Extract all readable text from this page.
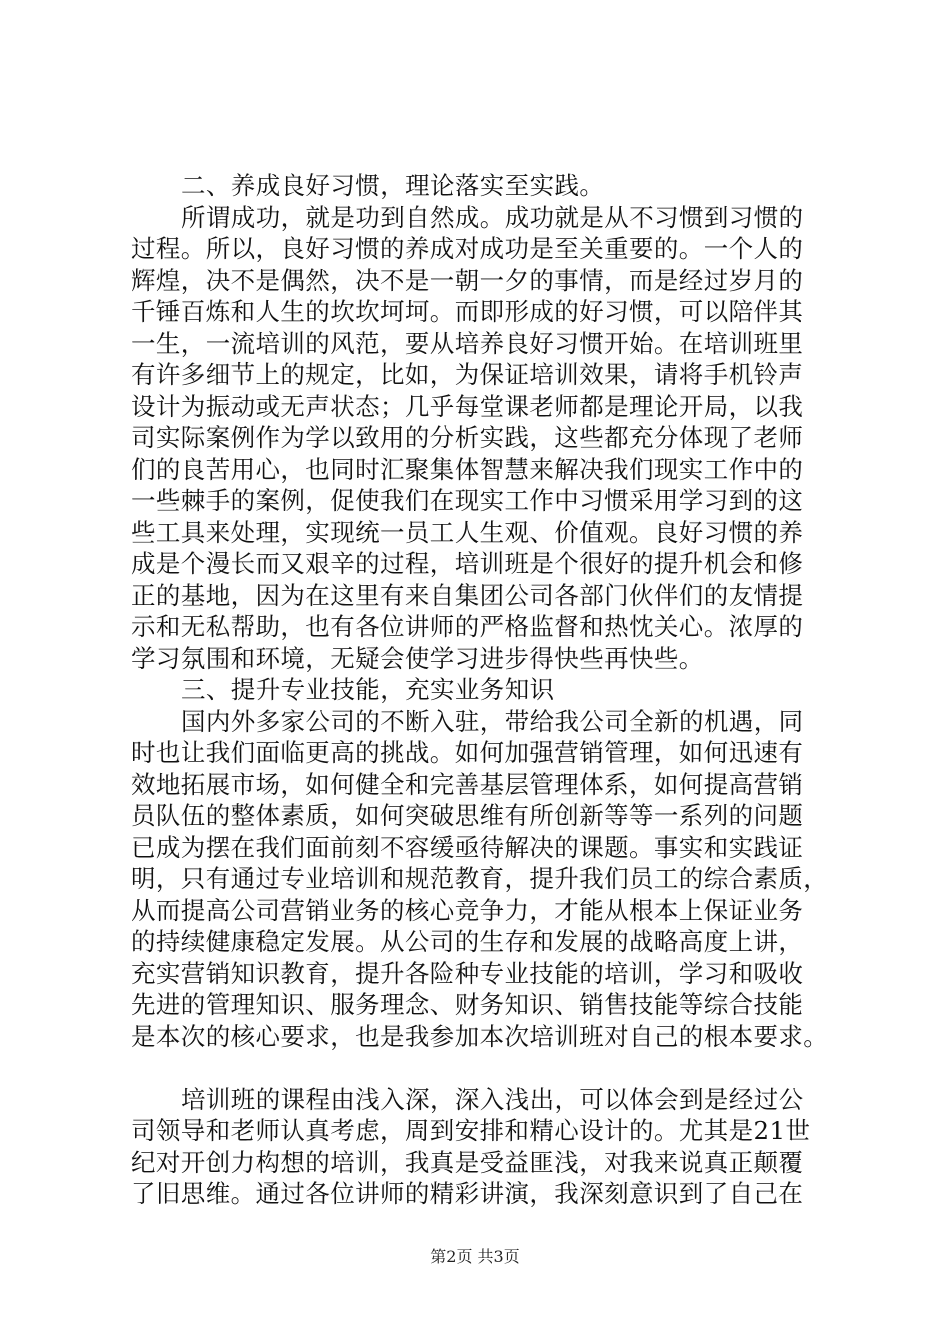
二、养成良好习惯，理论落实至实践。
所谓成功，就是功到自然成。成功就是从不习惯到习惯的
过程。所以，良好习惯的养成对成功是至关重要的。一个人的
辉煌，决不是偶然，决不是一朝一夕的事情，而是经过岁月的
千锤百炼和人生的坎坎坷坷。而即形成的好习惯，可以陪伴其
一生，一流培训的风范，要从培养良好习惯开始。在培训班里
有许多细节上的规定，比如，为保证培训效果，请将手机铃声
设计为振动或无声状态；几乎每堂课老师都是理论开局，以我
司实际案例作为学以致用的分析实践，这些都充分体现了老师
们的良苦用心，也同时汇聚集体智慧来解决我们现实工作中的
一些棘手的案例，促使我们在现实工作中习惯采用学习到的这
些工具来处理，实现统一员工人生观、价值观。良好习惯的养
成是个漫长而又艰辛的过程，培训班是个很好的提升机会和修
正的基地，因为在这里有来自集团公司各部门伙伴们的友情提
示和无私帮助，也有各位讲师的严格监督和热忱关心。浓厚的
学习氛围和环境，无疑会使学习进步得快些再快些。
三、提升专业技能，充实业务知识
国内外多家公司的不断入驻，带给我公司全新的机遇，同
时也让我们面临更高的挑战。如何加强营销管理，如何迅速有
效地拓展市场，如何健全和完善基层管理体系，如何提高营销
员队伍的整体素质，如何突破思维有所创新等等一系列的问题
已成为摆在我们面前刻不容缓亟待解决的课题。事实和实践证
明，只有通过专业培训和规范教育，提升我们员工的综合素质，
从而提高公司营销业务的核心竞争力，才能从根本上保证业务
的持续健康稳定发展。从公司的生存和发展的战略高度上讲，
充实营销知识教育，提升各险种专业技能的培训，学习和吸收
先进的管理知识、服务理念、财务知识、销售技能等综合技能
是本次的核心要求，也是我参加本次培训班对自己的根本要求。
培训班的课程由浅入深，深入浅出，可以体会到是经过公
司领导和老师认真考虑，周到安排和精心设计的。尤其是21世
纪对开创力构想的培训，我真是受益匪浅，对我来说真正颠覆
了旧思维。通过各位讲师的精彩讲演，我深刻意识到了自己在
第2页 共3页
